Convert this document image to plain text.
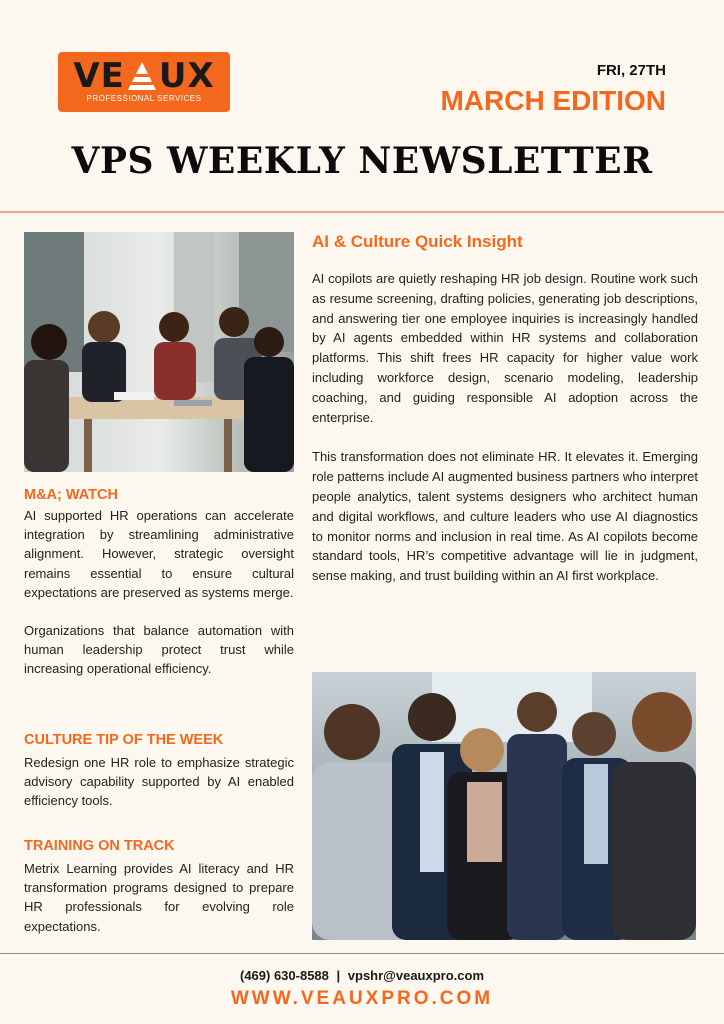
VE UX
PROFESSIONAL SERVICES
FRI, 27TH
MARCH EDITION
VPS WEEKLY NEWSLETTER
M&A; WATCH
AI supported HR operations can accelerate integration by streamlining administrative alignment. However, strategic oversight remains essential to ensure cultural expectations are preserved as systems merge.
Organizations that balance automation with human leadership protect trust while increasing operational efficiency.
CULTURE TIP OF THE WEEK
Redesign one HR role to emphasize strategic advisory capability supported by AI enabled efficiency tools.
TRAINING ON TRACK
Metrix Learning provides AI literacy and HR transformation programs designed to prepare HR professionals for evolving role expectations.
AI & Culture Quick Insight
AI copilots are quietly reshaping HR job design. Routine work such as resume screening, drafting policies, generating job descriptions, and answering tier one employee inquiries is increasingly handled by AI agents embedded within HR systems and collaboration platforms. This shift frees HR capacity for higher value work including workforce design, scenario modeling, leadership coaching, and guiding responsible AI adoption across the enterprise.
This transformation does not eliminate HR. It elevates it. Emerging role patterns include AI augmented business partners who interpret people analytics, talent systems designers who architect human and digital workflows, and culture leaders who use AI diagnostics to monitor norms and inclusion in real time. As AI copilots become standard tools, HR’s competitive advantage will lie in judgment, sense making, and trust building within an AI first workplace.
(469) 630-8588 | vpshr@veauxpro.com
WWW.VEAUXPRO.COM
